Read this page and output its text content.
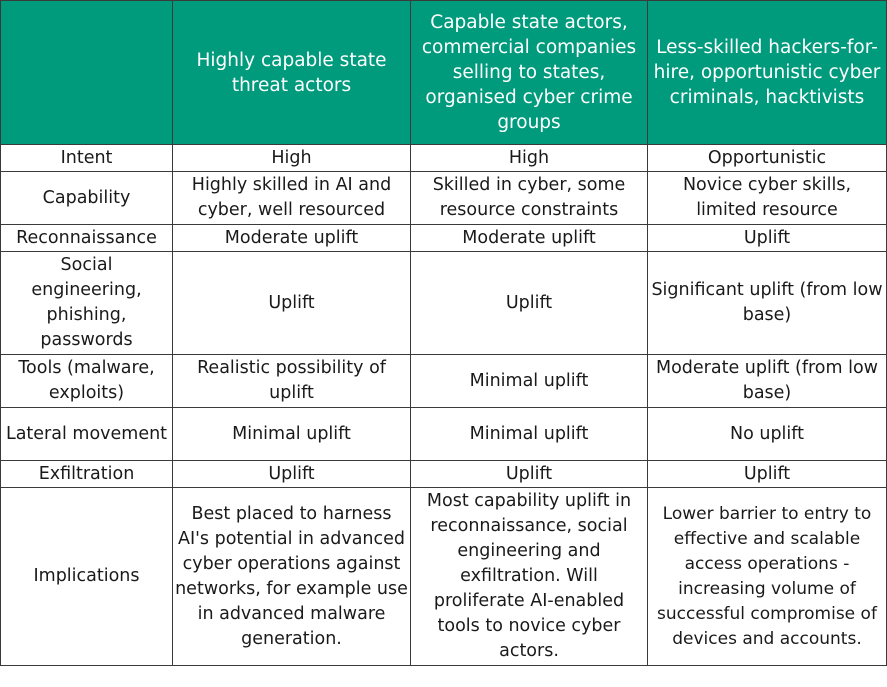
	Highly capable state threat actors	Capable state actors, commercial companies selling to states, organised cyber crime groups	Less-skilled hackers-for-hire, opportunistic cyber criminals, hacktivists
Intent	High	High	Opportunistic
Capability	Highly skilled in AI and cyber, well resourced	Skilled in cyber, some resource constraints	Novice cyber skills, limited resource
Reconnaissance	Moderate uplift	Moderate uplift	Uplift
Social engineering, phishing, passwords	Uplift	Uplift	Significant uplift (from low base)
Tools (malware, exploits)	Realistic possibility of uplift	Minimal uplift	Moderate uplift (from low base)
Lateral movement	Minimal uplift	Minimal uplift	No uplift
Exfiltration	Uplift	Uplift	Uplift
Implications	Best placed to harness AI's potential in advanced cyber operations against networks, for example use in advanced malware generation.	Most capability uplift in reconnaissance, social engineering and exfiltration. Will proliferate AI-enabled tools to novice cyber actors.	Lower barrier to entry to effective and scalable access operations - increasing volume of successful compromise of devices and accounts.
